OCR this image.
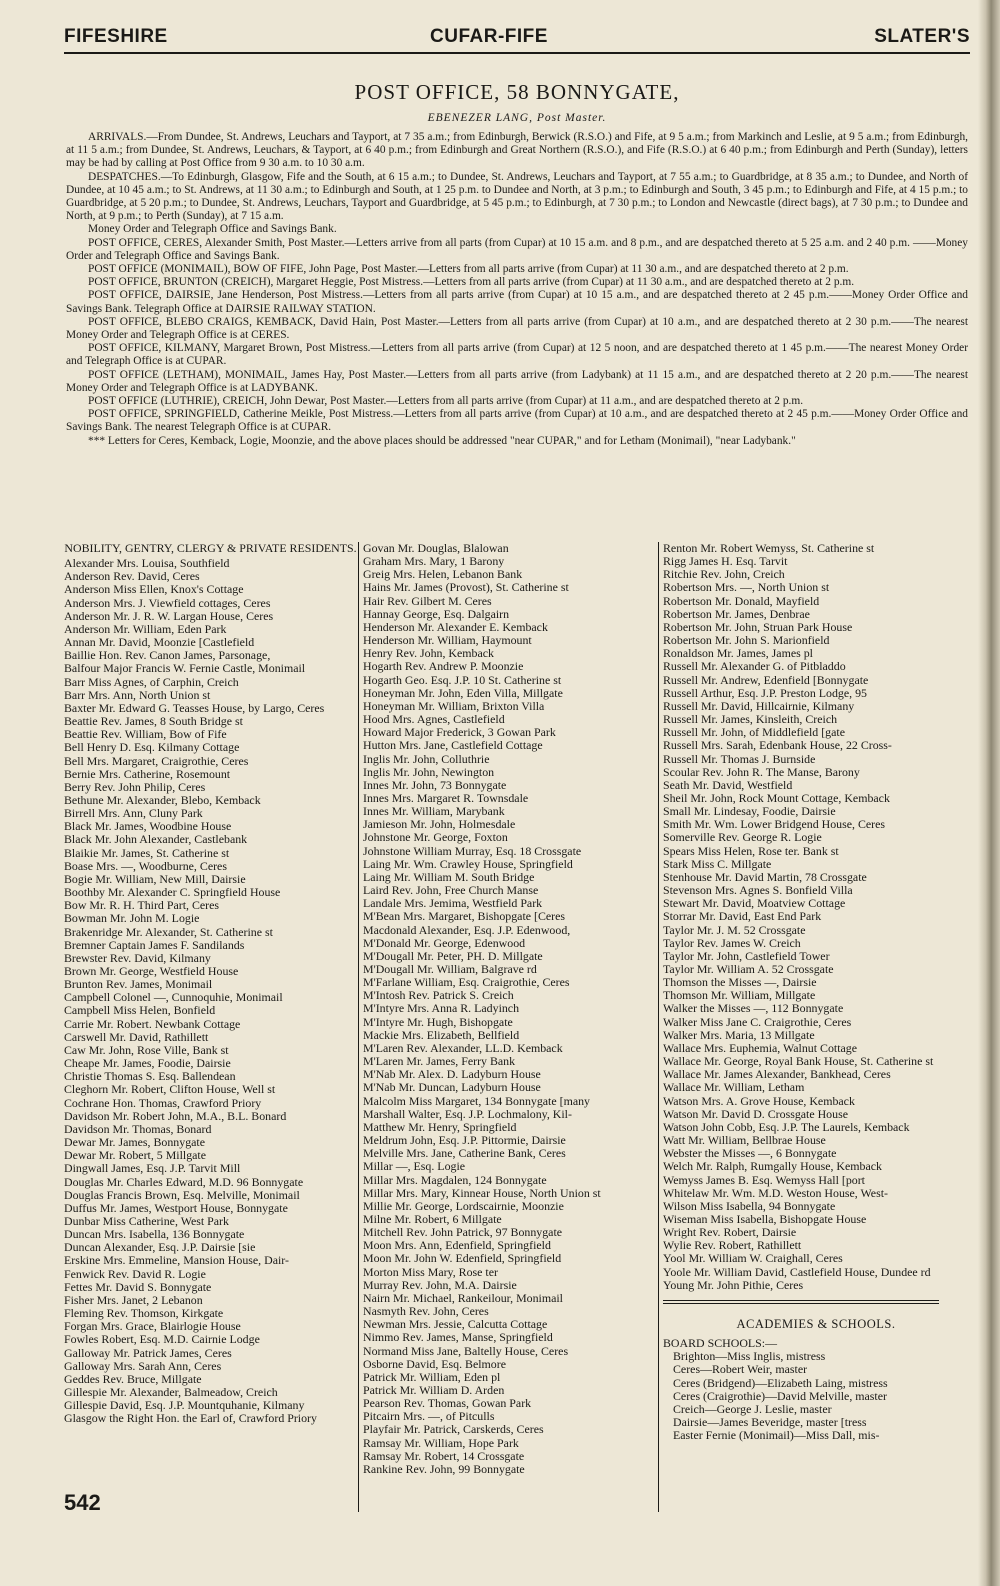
FIFESHIRE	CUFAR-FIFE	SLATER'S
POST OFFICE, 58 BONNYGATE,
EBENEZER LANG, Post Master.

ARRIVALS.—From Dundee, St. Andrews, Leuchars and Tayport, at 7 35 a.m.; from Edinburgh, Berwick (R.S.O.) and Fife, at 9 5 a.m.; from Markinch and Leslie, at 9 5 a.m.; from Edinburgh, at 11 5 a.m.; from Dundee, St. Andrews, Leuchars, & Tayport, at 6 40 p.m.; from Edinburgh and Great Northern (R.S.O.), and Fife (R.S.O.) at 6 40 p.m.; from Edinburgh and Perth (Sunday), letters may be had by calling at Post Office from 9 30 a.m. to 10 30 a.m.

DESPATCHES.—To Edinburgh, Glasgow, Fife and the South, at 6 15 a.m.; to Dundee, St. Andrews, Leuchars and Tayport, at 7 55 a.m.; to Guardbridge, at 8 35 a.m.; to Dundee, and North of Dundee, at 10 45 a.m.; to St. Andrews, at 11 30 a.m.; to Edinburgh and South, at 1 25 p.m. to Dundee and North, at 3 p.m.; to Edinburgh and South, 3 45 p.m.; to Edinburgh and Fife, at 4 15 p.m.; to Guardbridge, at 5 20 p.m.; to Dundee, St. Andrews, Leuchars, Tayport and Guardbridge, at 5 45 p.m.; to Edinburgh, at 7 30 p.m.; to London and Newcastle (direct bags), at 7 30 p.m.; to Dundee and North, at 9 p.m.; to Perth (Sunday), at 7 15 a.m.

Money Order and Telegraph Office and Savings Bank.

POST OFFICE, CERES, Alexander Smith, Post Master.—Letters arrive from all parts (from Cupar) at 10 15 a.m. and 8 p.m., and are despatched thereto at 5 25 a.m. and 2 40 p.m. ——Money Order and Telegraph Office and Savings Bank.

POST OFFICE (MONIMAIL), BOW OF FIFE, John Page, Post Master.—Letters from all parts arrive (from Cupar) at 11 30 a.m., and are despatched thereto at 2 p.m.

POST OFFICE, BRUNTON (CREICH), Margaret Heggie, Post Mistress.—Letters from all parts arrive (from Cupar) at 11 30 a.m., and are despatched thereto at 2 p.m.

POST OFFICE, DAIRSIE, Jane Henderson, Post Mistress.—Letters from all parts arrive (from Cupar) at 10 15 a.m., and are despatched thereto at 2 45 p.m.——Money Order Office and Savings Bank. Telegraph Office at DAIRSIE RAILWAY STATION.

POST OFFICE, BLEBO CRAIGS, KEMBACK, David Hain, Post Master.—Letters from all parts arrive (from Cupar) at 10 a.m., and are despatched thereto at 2 30 p.m.——The nearest Money Order and Telegraph Office is at CERES.

POST OFFICE, KILMANY, Margaret Brown, Post Mistress.—Letters from all parts arrive (from Cupar) at 12 5 noon, and are despatched thereto at 1 45 p.m.——The nearest Money Order and Telegraph Office is at CUPAR.

POST OFFICE (LETHAM), MONIMAIL, James Hay, Post Master.—Letters from all parts arrive (from Ladybank) at 11 15 a.m., and are despatched thereto at 2 20 p.m.——The nearest Money Order and Telegraph Office is at LADYBANK.

POST OFFICE (LUTHRIE), CREICH, John Dewar, Post Master.—Letters from all parts arrive (from Cupar) at 11 a.m., and are despatched thereto at 2 p.m.

POST OFFICE, SPRINGFIELD, Catherine Meikle, Post Mistress.—Letters from all parts arrive (from Cupar) at 10 a.m., and are despatched thereto at 2 45 p.m.——Money Order Office and Savings Bank. The nearest Telegraph Office is at CUPAR.

*** Letters for Ceres, Kemback, Logie, Moonzie, and the above places should be addressed "near CUPAR," and for Letham (Monimail), "near Ladybank."

NOBILITY, GENTRY, CLERGY & PRIVATE RESIDENTS.

Alexander Mrs. Louisa, Southfield

Anderson Rev. David, Ceres

Anderson Miss Ellen, Knox's Cottage

Anderson Mrs. J. Viewfield cottages, Ceres

Anderson Mr. J. R. W. Largan House, Ceres

Anderson Mr. William, Eden Park

Annan Mr. David, Moonzie [Castlefield

Baillie Hon. Rev. Canon James, Parsonage,

Balfour Major Francis W. Fernie Castle, Monimail

Barr Miss Agnes, of Carphin, Creich

Barr Mrs. Ann, North Union st

Baxter Mr. Edward G. Teasses House, by Largo, Ceres

Beattie Rev. James, 8 South Bridge st

Beattie Rev. William, Bow of Fife

Bell Henry D. Esq. Kilmany Cottage

Bell Mrs. Margaret, Craigrothie, Ceres

Bernie Mrs. Catherine, Rosemount

Berry Rev. John Philip, Ceres

Bethune Mr. Alexander, Blebo, Kemback

Birrell Mrs. Ann, Cluny Park

Black Mr. James, Woodbine House

Black Mr. John Alexander, Castlebank

Blaikie Mr. James, St. Catherine st

Boase Mrs. —, Woodburne, Ceres

Bogie Mr. William, New Mill, Dairsie

Boothby Mr. Alexander C. Springfield House

Bow Mr. R. H. Third Part, Ceres

Bowman Mr. John M. Logie

Brakenridge Mr. Alexander, St. Catherine st

Bremner Captain James F. Sandilands

Brewster Rev. David, Kilmany

Brown Mr. George, Westfield House

Brunton Rev. James, Monimail

Campbell Colonel —, Cunnoquhie, Monimail

Campbell Miss Helen, Bonfield

Carrie Mr. Robert. Newbank Cottage

Carswell Mr. David, Rathillett

Caw Mr. John, Rose Ville, Bank st

Cheape Mr. James, Foodie, Dairsie

Christie Thomas S. Esq. Ballendean

Cleghorn Mr. Robert, Clifton House, Well st

Cochrane Hon. Thomas, Crawford Priory

Davidson Mr. Robert John, M.A., B.L. Bonard

Davidson Mr. Thomas, Bonard

Dewar Mr. James, Bonnygate

Dewar Mr. Robert, 5 Millgate

Dingwall James, Esq. J.P. Tarvit Mill

Douglas Mr. Charles Edward, M.D. 96 Bonnygate

Douglas Francis Brown, Esq. Melville, Monimail

Duffus Mr. James, Westport House, Bonnygate

Dunbar Miss Catherine, West Park

Duncan Mrs. Isabella, 136 Bonnygate

Duncan Alexander, Esq. J.P. Dairsie [sie

Erskine Mrs. Emmeline, Mansion House, Dair-

Fenwick Rev. David R. Logie

Fettes Mr. David S. Bonnygate

Fisher Mrs. Janet, 2 Lebanon

Fleming Rev. Thomson, Kirkgate

Forgan Mrs. Grace, Blairlogie House

Fowles Robert, Esq. M.D. Cairnie Lodge

Galloway Mr. Patrick James, Ceres

Galloway Mrs. Sarah Ann, Ceres

Geddes Rev. Bruce, Millgate

Gillespie Mr. Alexander, Balmeadow, Creich

Gillespie David, Esq. J.P. Mountquhanie, Kilmany

Glasgow the Right Hon. the Earl of, Crawford Priory

Govan Mr. Douglas, Blalowan

Graham Mrs. Mary, 1 Barony

Greig Mrs. Helen, Lebanon Bank

Hains Mr. James (Provost), St. Catherine st

Hair Rev. Gilbert M. Ceres

Hannay George, Esq. Dalgairn

Henderson Mr. Alexander E. Kemback

Henderson Mr. William, Haymount

Henry Rev. John, Kemback

Hogarth Rev. Andrew P. Moonzie

Hogarth Geo. Esq. J.P. 10 St. Catherine st

Honeyman Mr. John, Eden Villa, Millgate

Honeyman Mr. William, Brixton Villa

Hood Mrs. Agnes, Castlefield

Howard Major Frederick, 3 Gowan Park

Hutton Mrs. Jane, Castlefield Cottage

Inglis Mr. John, Colluthrie

Inglis Mr. John, Newington

Innes Mr. John, 73 Bonnygate

Innes Mrs. Margaret R. Townsdale

Innes Mr. William, Marybank

Jamieson Mr. John, Holmesdale

Johnstone Mr. George, Foxton

Johnstone William Murray, Esq. 18 Crossgate

Laing Mr. Wm. Crawley House, Springfield

Laing Mr. William M. South Bridge

Laird Rev. John, Free Church Manse

Landale Mrs. Jemima, Westfield Park

M'Bean Mrs. Margaret, Bishopgate [Ceres

Macdonald Alexander, Esq. J.P. Edenwood,

M'Donald Mr. George, Edenwood

M'Dougall Mr. Peter, PH. D. Millgate

M'Dougall Mr. William, Balgrave rd

M'Farlane William, Esq. Craigrothie, Ceres

M'Intosh Rev. Patrick S. Creich

M'Intyre Mrs. Anna R. Ladyinch

M'Intyre Mr. Hugh, Bishopgate

Mackie Mrs. Elizabeth, Bellfield

M'Laren Rev. Alexander, LL.D. Kemback

M'Laren Mr. James, Ferry Bank

M'Nab Mr. Alex. D. Ladyburn House

M'Nab Mr. Duncan, Ladyburn House

Malcolm Miss Margaret, 134 Bonnygate [many

Marshall Walter, Esq. J.P. Lochmalony, Kil-

Matthew Mr. Henry, Springfield

Meldrum John, Esq. J.P. Pittormie, Dairsie

Melville Mrs. Jane, Catherine Bank, Ceres

Millar —, Esq. Logie

Millar Mrs. Magdalen, 124 Bonnygate

Millar Mrs. Mary, Kinnear House, North Union st

Millie Mr. George, Lordscairnie, Moonzie

Milne Mr. Robert, 6 Millgate

Mitchell Rev. John Patrick, 97 Bonnygate

Moon Mrs. Ann, Edenfield, Springfield

Moon Mr. John W. Edenfield, Springfield

Morton Miss Mary, Rose ter

Murray Rev. John, M.A. Dairsie

Nairn Mr. Michael, Rankeilour, Monimail

Nasmyth Rev. John, Ceres

Newman Mrs. Jessie, Calcutta Cottage

Nimmo Rev. James, Manse, Springfield

Normand Miss Jane, Baltelly House, Ceres

Osborne David, Esq. Belmore

Patrick Mr. William, Eden pl

Patrick Mr. William D. Arden

Pearson Rev. Thomas, Gowan Park

Pitcairn Mrs. —, of Pitculls

Playfair Mr. Patrick, Carskerds, Ceres

Ramsay Mr. William, Hope Park

Ramsay Mr. Robert, 14 Crossgate

Rankine Rev. John, 99 Bonnygate

Renton Mr. Robert Wemyss, St. Catherine st

Rigg James H. Esq. Tarvit

Ritchie Rev. John, Creich

Robertson Mrs. —, North Union st

Robertson Mr. Donald, Mayfield

Robertson Mr. James, Denbrae

Robertson Mr. John, Struan Park House

Robertson Mr. John S. Marionfield

Ronaldson Mr. James, James pl

Russell Mr. Alexander G. of Pitbladdo

Russell Mr. Andrew, Edenfield [Bonnygate

Russell Arthur, Esq. J.P. Preston Lodge, 95

Russell Mr. David, Hillcairnie, Kilmany

Russell Mr. James, Kinsleith, Creich

Russell Mr. John, of Middlefield [gate

Russell Mrs. Sarah, Edenbank House, 22 Cross-

Russell Mr. Thomas J. Burnside

Scoular Rev. John R. The Manse, Barony

Seath Mr. David, Westfield

Sheil Mr. John, Rock Mount Cottage, Kemback

Small Mr. Lindesay, Foodie, Dairsie

Smith Mr. Wm. Lower Bridgend House, Ceres

Somerville Rev. George R. Logie

Spears Miss Helen, Rose ter. Bank st

Stark Miss C. Millgate

Stenhouse Mr. David Martin, 78 Crossgate

Stevenson Mrs. Agnes S. Bonfield Villa

Stewart Mr. David, Moatview Cottage

Storrar Mr. David, East End Park

Taylor Mr. J. M. 52 Crossgate

Taylor Rev. James W. Creich

Taylor Mr. John, Castlefield Tower

Taylor Mr. William A. 52 Crossgate

Thomson the Misses —, Dairsie

Thomson Mr. William, Millgate

Walker the Misses —, 112 Bonnygate

Walker Miss Jane C. Craigrothie, Ceres

Walker Mrs. Maria, 13 Millgate

Wallace Mrs. Euphemia, Walnut Cottage

Wallace Mr. George, Royal Bank House, St. Catherine st

Wallace Mr. James Alexander, Bankhead, Ceres

Wallace Mr. William, Letham

Watson Mrs. A. Grove House, Kemback

Watson Mr. David D. Crossgate House

Watson John Cobb, Esq. J.P. The Laurels, Kemback

Watt Mr. William, Bellbrae House

Webster the Misses —, 6 Bonnygate

Welch Mr. Ralph, Rumgally House, Kemback

Wemyss James B. Esq. Wemyss Hall [port

Whitelaw Mr. Wm. M.D. Weston House, West-

Wilson Miss Isabella, 94 Bonnygate

Wiseman Miss Isabella, Bishopgate House

Wright Rev. Robert, Dairsie

Wylie Rev. Robert, Rathillett

Yool Mr. William W. Craighall, Ceres

Yoole Mr. William David, Castlefield House, Dundee rd

Young Mr. John Pithie, Ceres

ACADEMIES & SCHOOLS.

BOARD SCHOOLS:—

Brighton—Miss Inglis, mistress

Ceres—Robert Weir, master

Ceres (Bridgend)—Elizabeth Laing, mistress

Ceres (Craigrothie)—David Melville, master

Creich—George J. Leslie, master

Dairsie—James Beveridge, master [tress

Easter Fernie (Monimail)—Miss Dall, mis-

542
